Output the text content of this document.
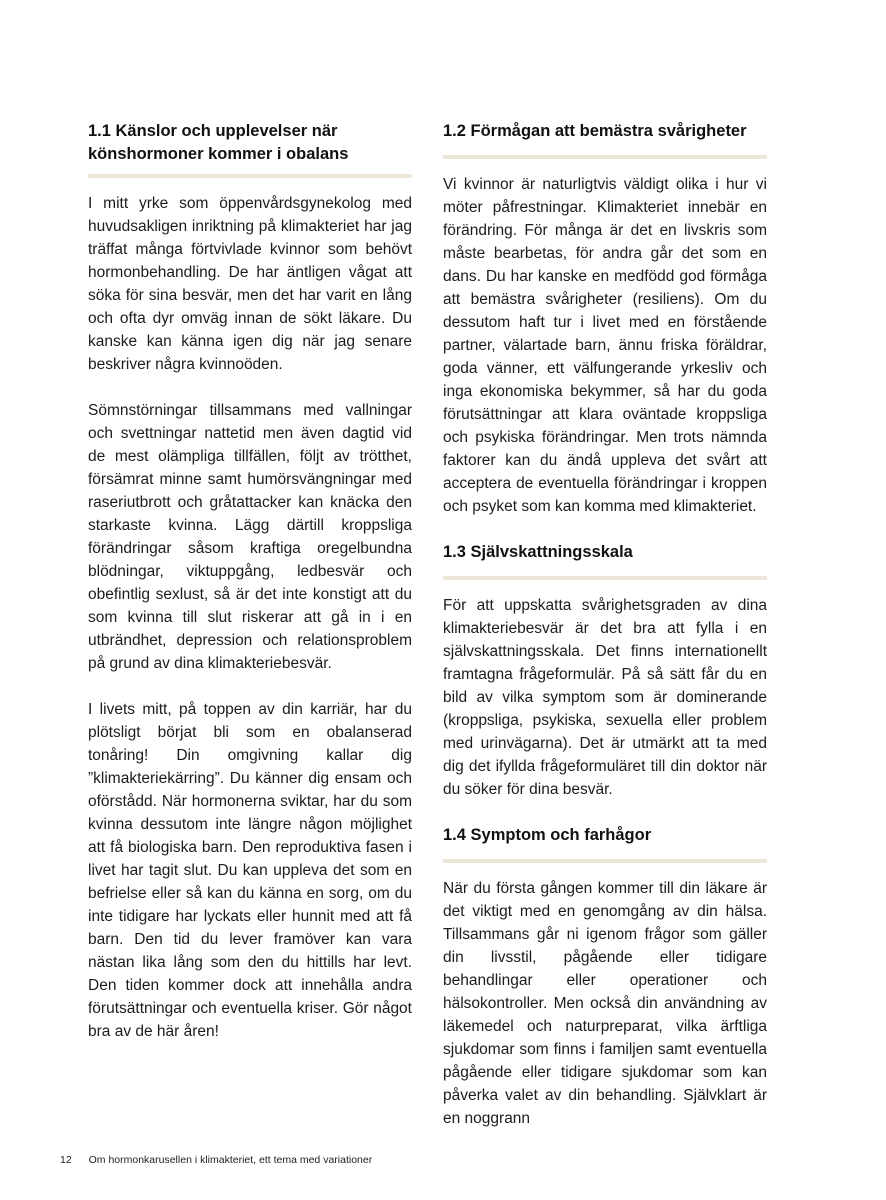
1.1 Känslor och upplevelser när könshormoner kommer i obalans

I mitt yrke som öppenvårdsgynekolog med huvudsakligen inriktning på klimakteriet har jag träffat många förtvivlade kvinnor som behövt hormonbehandling. De har äntligen vågat att söka för sina besvär, men det har varit en lång och ofta dyr omväg innan de sökt läkare. Du kanske kan känna igen dig när jag senare beskriver några kvinnoöden.

Sömnstörningar tillsammans med vallningar och svettningar nattetid men även dagtid vid de mest olämpliga tillfällen, följt av trötthet, försämrat minne samt humörsvängningar med raseriutbrott och gråtattacker kan knäcka den starkaste kvinna. Lägg därtill kroppsliga förändringar såsom kraftiga oregelbundna blödningar, viktuppgång, ledbesvär och obefintlig sexlust, så är det inte konstigt att du som kvinna till slut riskerar att gå in i en utbrändhet, depression och relationsproblem på grund av dina klimakteriebesvär.

I livets mitt, på toppen av din karriär, har du plötsligt börjat bli som en obalanserad tonåring! Din omgivning kallar dig ”klimakteriekärring”. Du känner dig ensam och oförstådd. När hormonerna sviktar, har du som kvinna dessutom inte längre någon möjlighet att få biologiska barn. Den reproduktiva fasen i livet har tagit slut. Du kan uppleva det som en befrielse eller så kan du känna en sorg, om du inte tidigare har lyckats eller hunnit med att få barn. Den tid du lever framöver kan vara nästan lika lång som den du hittills har levt. Den tiden kommer dock att innehålla andra förutsättningar och eventuella kriser. Gör något bra av de här åren!

1.2 Förmågan att bemästra svårigheter

Vi kvinnor är naturligtvis väldigt olika i hur vi möter påfrestningar. Klimakteriet innebär en förändring. För många är det en livskris som måste bearbetas, för andra går det som en dans. Du har kanske en medfödd god förmåga att bemästra svårigheter (resiliens). Om du dessutom haft tur i livet med en förstående partner, välartade barn, ännu friska föräldrar, goda vänner, ett välfungerande yrkesliv och inga ekonomiska bekymmer, så har du goda förutsättningar att klara oväntade kroppsliga och psykiska förändringar. Men trots nämnda faktorer kan du ändå uppleva det svårt att acceptera de eventuella förändringar i kroppen och psyket som kan komma med klimakteriet.

1.3 Självskattningsskala

För att uppskatta svårighetsgraden av dina klimakteriebesvär är det bra att fylla i en självskattningsskala. Det finns internationellt framtagna frågeformulär. På så sätt får du en bild av vilka symptom som är dominerande (kroppsliga, psykiska, sexuella eller problem med urinvägarna). Det är utmärkt att ta med dig det ifyllda frågeformuläret till din doktor när du söker för dina besvär.

1.4 Symptom och farhågor

När du första gången kommer till din läkare är det viktigt med en genomgång av din hälsa. Tillsammans går ni igenom frågor som gäller din livsstil, pågående eller tidigare behandlingar eller operationer och hälsokontroller. Men också din användning av läkemedel och naturpreparat, vilka ärftliga sjukdomar som finns i familjen samt eventuella pågående eller tidigare sjukdomar som kan påverka valet av din behandling. Självklart är en noggrann

12 Om hormonkarusellen i klimakteriet, ett tema med variationer
